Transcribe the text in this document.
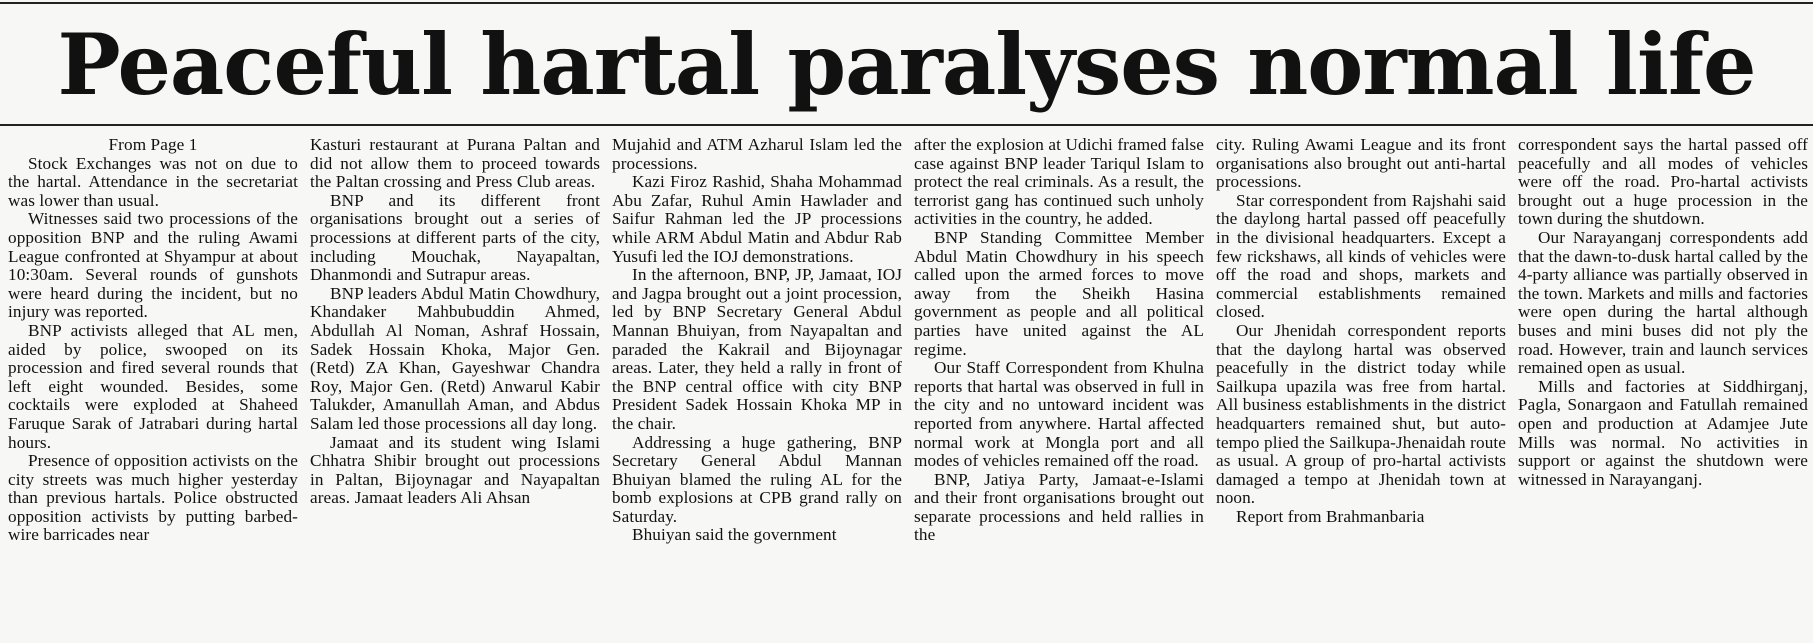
Peaceful hartal paralyses normal life

From Page 1

Stock Exchanges was not on due to the hartal. Attendance in the secretariat was lower than usual.

Witnesses said two processions of the opposition BNP and the ruling Awami League confronted at Shyampur at about 10:30am. Several rounds of gunshots were heard during the incident, but no injury was reported.

BNP activists alleged that AL men, aided by police, swooped on its procession and fired several rounds that left eight wounded. Besides, some cocktails were exploded at Shaheed Faruque Sarak of Jatrabari during hartal hours.

Presence of opposition activists on the city streets was much higher yesterday than previous hartals. Police obstructed opposition activists by putting barbed-wire barricades near

Kasturi restaurant at Purana Paltan and did not allow them to proceed towards the Paltan crossing and Press Club areas.

BNP and its different front organisations brought out a series of processions at different parts of the city, including Mouchak, Nayapaltan, Dhanmondi and Sutrapur areas.

BNP leaders Abdul Matin Chowdhury, Khandaker Mahbubuddin Ahmed, Abdullah Al Noman, Ashraf Hossain, Sadek Hossain Khoka, Major Gen. (Retd) ZA Khan, Gayeshwar Chandra Roy, Major Gen. (Retd) Anwarul Kabir Talukder, Amanullah Aman, and Abdus Salam led those processions all day long.

Jamaat and its student wing Islami Chhatra Shibir brought out processions in Paltan, Bijoynagar and Nayapaltan areas. Jamaat leaders Ali Ahsan

Mujahid and ATM Azharul Islam led the processions.

Kazi Firoz Rashid, Shaha Mohammad Abu Zafar, Ruhul Amin Hawlader and Saifur Rahman led the JP processions while ARM Abdul Matin and Abdur Rab Yusufi led the IOJ demonstrations.

In the afternoon, BNP, JP, Jamaat, IOJ and Jagpa brought out a joint procession, led by BNP Secretary General Abdul Mannan Bhuiyan, from Nayapaltan and paraded the Kakrail and Bijoynagar areas. Later, they held a rally in front of the BNP central office with city BNP President Sadek Hossain Khoka MP in the chair.

Addressing a huge gathering, BNP Secretary General Abdul Mannan Bhuiyan blamed the ruling AL for the bomb explosions at CPB grand rally on Saturday.

Bhuiyan said the government

after the explosion at Udichi framed false case against BNP leader Tariqul Islam to protect the real criminals. As a result, the terrorist gang has continued such unholy activities in the country, he added.

BNP Standing Committee Member Abdul Matin Chowdhury in his speech called upon the armed forces to move away from the Sheikh Hasina government as people and all political parties have united against the AL regime.

Our Staff Correspondent from Khulna reports that hartal was observed in full in the city and no untoward incident was reported from anywhere. Hartal affected normal work at Mongla port and all modes of vehicles remained off the road.

BNP, Jatiya Party, Jamaat-e-Islami and their front organisations brought out separate processions and held rallies in the

city. Ruling Awami League and its front organisations also brought out anti-hartal processions.

Star correspondent from Rajshahi said the daylong hartal passed off peacefully in the divisional headquarters. Except a few rickshaws, all kinds of vehicles were off the road and shops, markets and commercial establishments remained closed.

Our Jhenidah correspondent reports that the daylong hartal was observed peacefully in the district today while Sailkupa upazila was free from hartal. All business establishments in the district headquarters remained shut, but auto-tempo plied the Sailkupa-Jhenaidah route as usual. A group of pro-hartal activists damaged a tempo at Jhenidah town at noon.

Report from Brahmanbaria

correspondent says the hartal passed off peacefully and all modes of vehicles were off the road. Pro-hartal activists brought out a huge procession in the town during the shutdown.

Our Narayanganj correspondents add that the dawn-to-dusk hartal called by the 4-party alliance was partially observed in the town. Markets and mills and factories were open during the hartal although buses and mini buses did not ply the road. However, train and launch services remained open as usual.

Mills and factories at Siddhirganj, Pagla, Sonargaon and Fatullah remained open and production at Adamjee Jute Mills was normal. No activities in support or against the shutdown were witnessed in Narayanganj.
